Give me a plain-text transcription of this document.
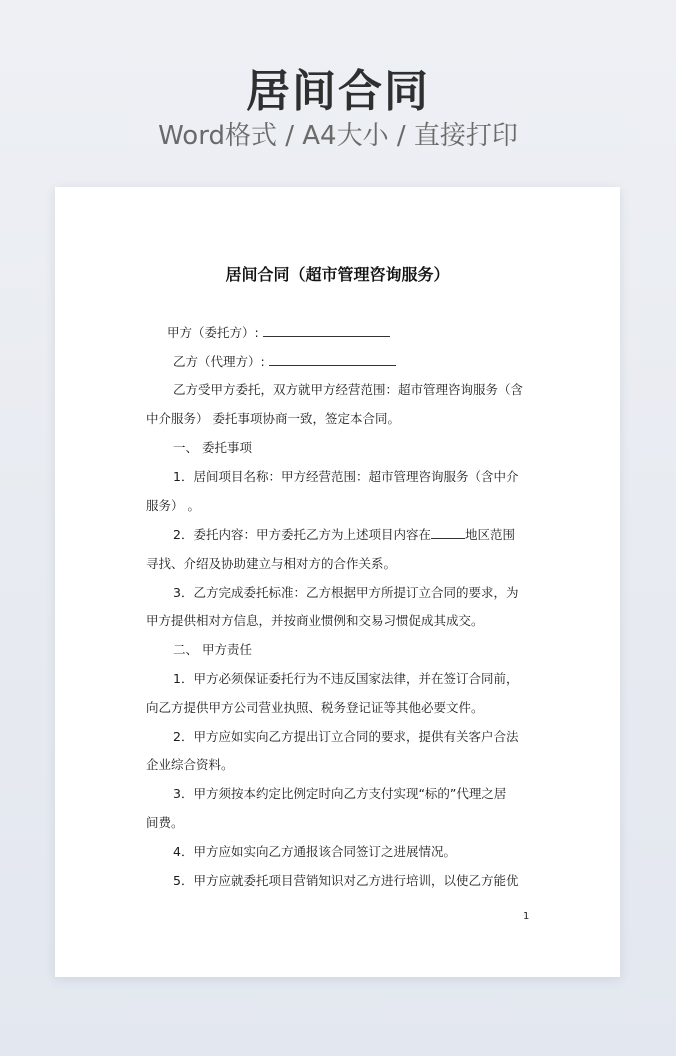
居间合同
Word格式 / A4大小 / 直接打印
居间合同（超市管理咨询服务）
甲方（委托方）:
乙方（代理方）:
乙方受甲方委托，双方就甲方经营范围：超市管理咨询服务（含
中介服务） 委托事项协商一致，签定本合同。
一、 委托事项
1．居间项目名称：甲方经营范围：超市管理咨询服务（含中介
服务） 。
2．委托内容：甲方委托乙方为上述项目内容在	地区范围
寻找、介绍及协助建立与相对方的合作关系。
3．乙方完成委托标准：乙方根据甲方所提订立合同的要求，为
甲方提供相对方信息，并按商业惯例和交易习惯促成其成交。
二、 甲方责任
1．甲方必须保证委托行为不违反国家法律，并在签订合同前，
向乙方提供甲方公司营业执照、税务登记证等其他必要文件。
2．甲方应如实向乙方提出订立合同的要求，提供有关客户合法
企业综合资料。
3．甲方须按本约定比例定时向乙方支付实现“标的”代理之居
间费。
4．甲方应如实向乙方通报该合同签订之进展情况。
5．甲方应就委托项目营销知识对乙方进行培训，以使乙方能优
1
